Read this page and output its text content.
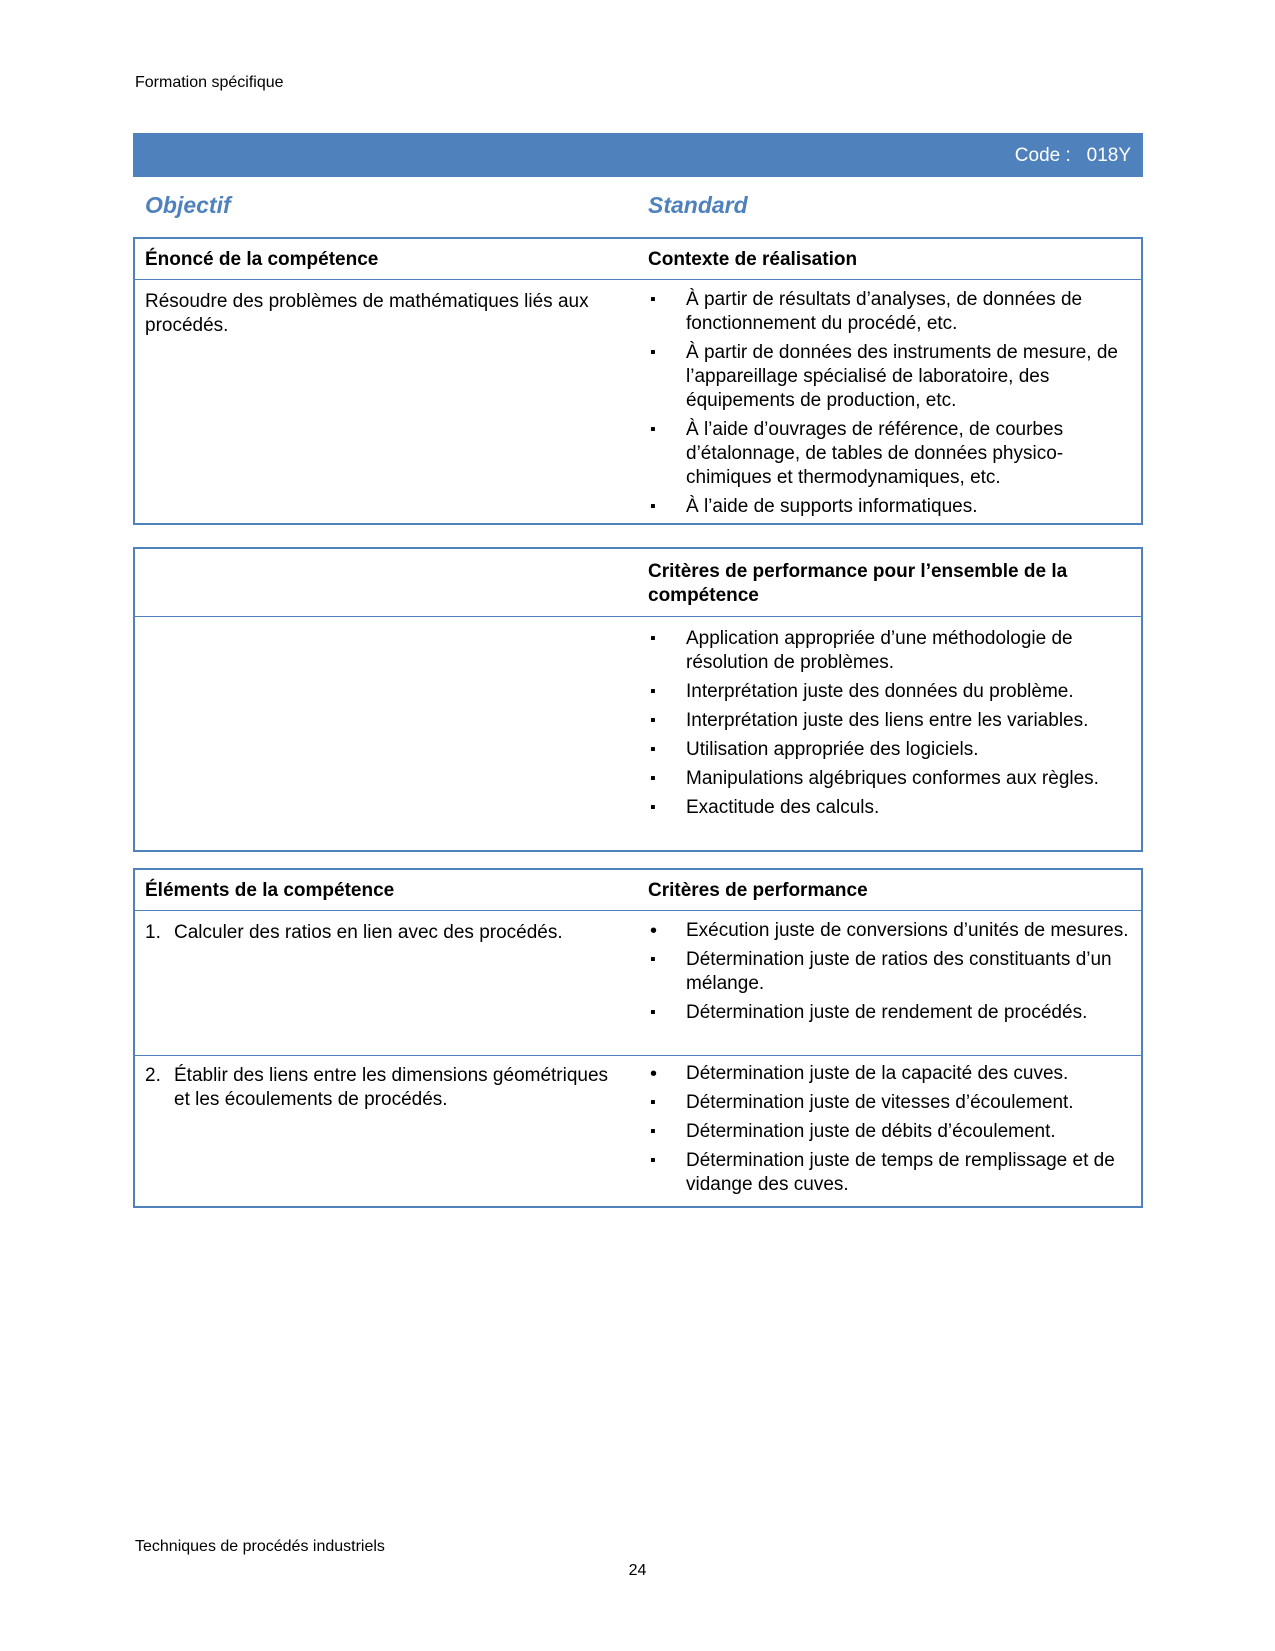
Formation spécifique
Code : 018Y
Objectif	Standard
Énoncé de la compétence	Contexte de réalisation
Résoudre des problèmes de mathématiques liés aux procédés.
▪ À partir de résultats d’analyses, de données de fonctionnement du procédé, etc.
▪ À partir de données des instruments de mesure, de l’appareillage spécialisé de laboratoire, des équipements de production, etc.
▪ À l’aide d’ouvrages de référence, de courbes d’étalonnage, de tables de données physico-chimiques et thermodynamiques, etc.
▪ À l’aide de supports informatiques.
Critères de performance pour l’ensemble de la compétence
▪ Application appropriée d’une méthodologie de résolution de problèmes.
▪ Interprétation juste des données du problème.
▪ Interprétation juste des liens entre les variables.
▪ Utilisation appropriée des logiciels.
▪ Manipulations algébriques conformes aux règles.
▪ Exactitude des calculs.
Éléments de la compétence	Critères de performance
1. Calculer des ratios en lien avec des procédés.
•	Exécution juste de conversions d’unités de mesures.
▪ Détermination juste de ratios des constituants d’un mélange.
▪ Détermination juste de rendement de procédés.
2. Établir des liens entre les dimensions géométriques et les écoulements de procédés.
• Détermination juste de la capacité des cuves.
▪ Détermination juste de vitesses d’écoulement.
▪ Détermination juste de débits d’écoulement.
▪ Détermination juste de temps de remplissage et de vidange des cuves.
Techniques de procédés industriels
24
